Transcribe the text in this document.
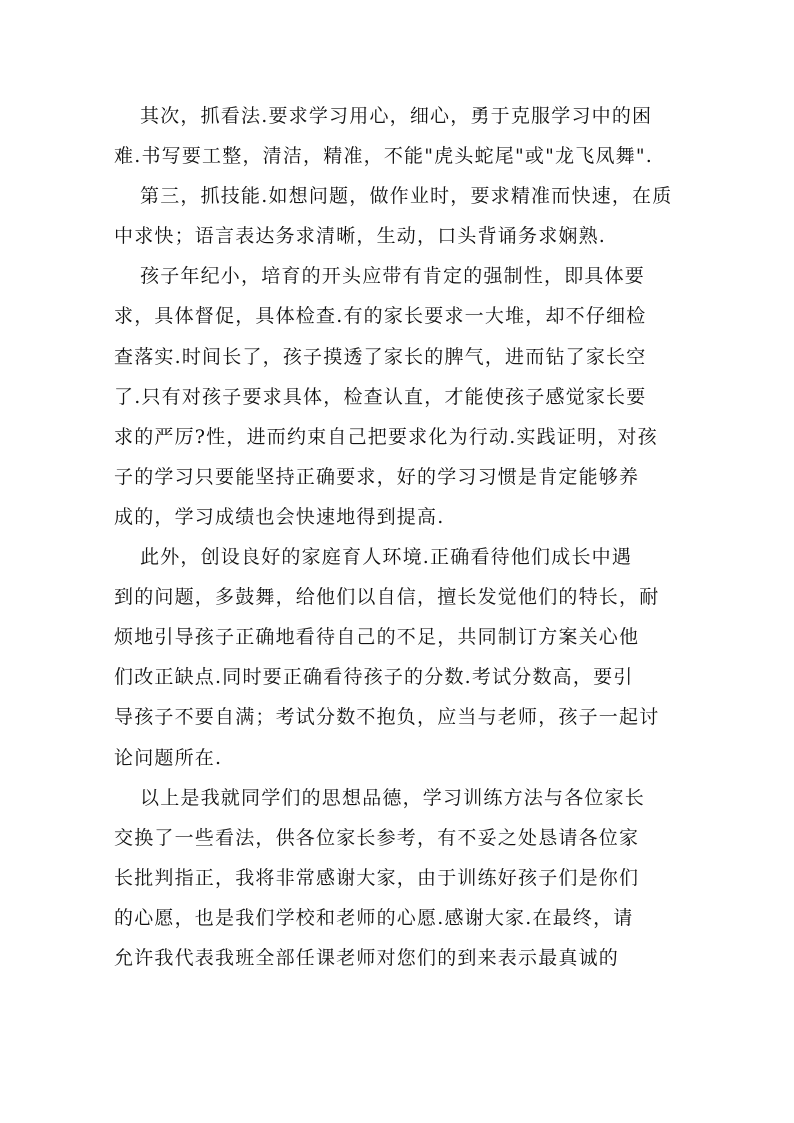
其次，抓看法.要求学习用心，细心，勇于克服学习中的困
难.书写要工整，清洁，精准，不能"虎头蛇尾"或"龙飞凤舞".
第三，抓技能.如想问题，做作业时，要求精准而快速，在质
中求快；语言表达务求清晰，生动，口头背诵务求娴熟.
孩子年纪小，培育的开头应带有肯定的强制性，即具体要
求，具体督促，具体检查.有的家长要求一大堆，却不仔细检
查落实.时间长了，孩子摸透了家长的脾气，进而钻了家长空
了.只有对孩子要求具体，检查认直，才能使孩子感觉家长要
求的严厉?性，进而约束自己把要求化为行动.实践证明，对孩
子的学习只要能坚持正确要求，好的学习习惯是肯定能够养
成的，学习成绩也会快速地得到提高.
此外，创设良好的家庭育人环境.正确看待他们成长中遇
到的问题，多鼓舞，给他们以自信，擅长发觉他们的特长，耐
烦地引导孩子正确地看待自己的不足，共同制订方案关心他
们改正缺点.同时要正确看待孩子的分数.考试分数高，要引
导孩子不要自满；考试分数不抱负，应当与老师，孩子一起讨
论问题所在.
以上是我就同学们的思想品德，学习训练方法与各位家长
交换了一些看法，供各位家长参考，有不妥之处恳请各位家
长批判指正，我将非常感谢大家，由于训练好孩子们是你们
的心愿，也是我们学校和老师的心愿.感谢大家.在最终，请
允许我代表我班全部任课老师对您们的到来表示最真诚的
